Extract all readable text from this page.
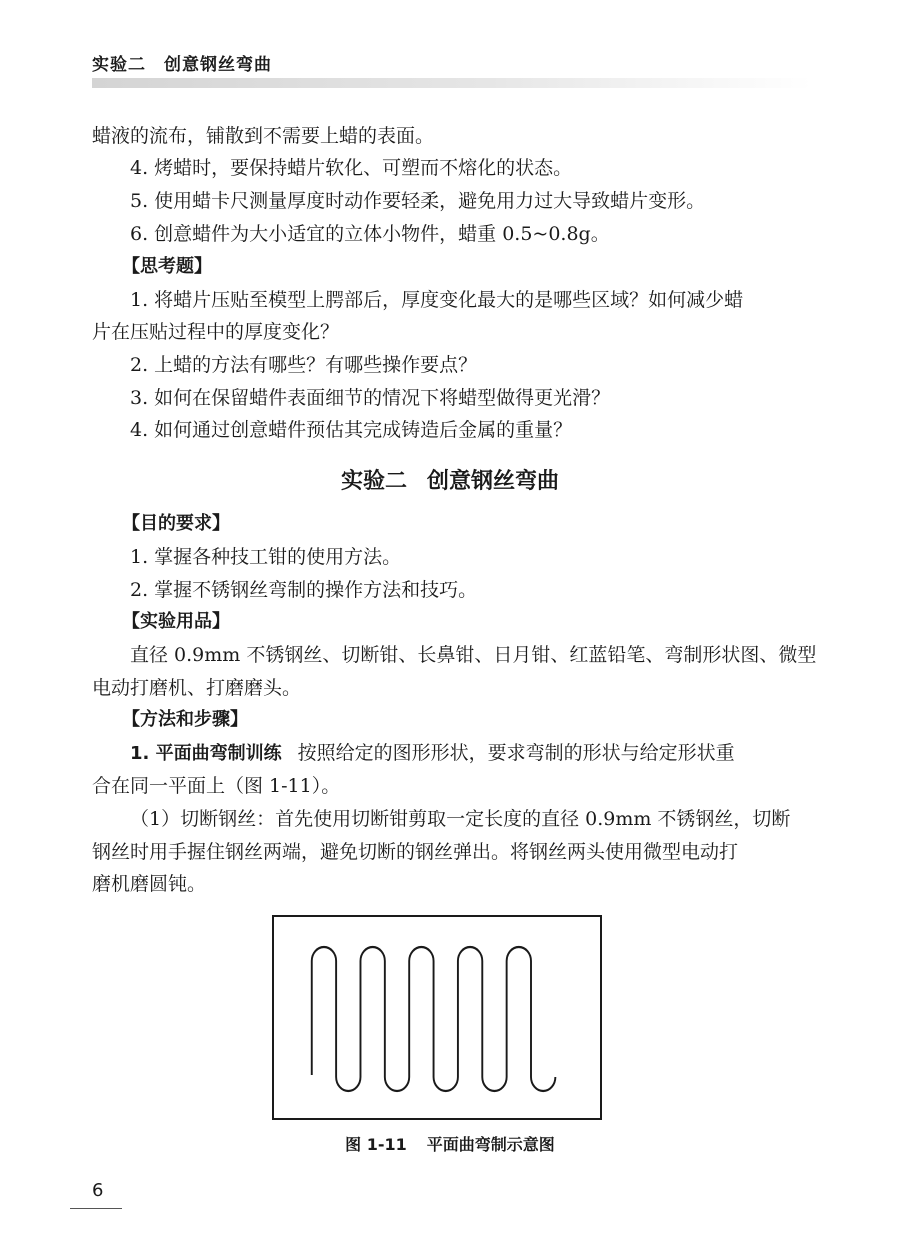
实验二　创意钢丝弯曲

蜡液的流布，铺散到不需要上蜡的表面。

4. 烤蜡时，要保持蜡片软化、可塑而不熔化的状态。

5. 使用蜡卡尺测量厚度时动作要轻柔，避免用力过大导致蜡片变形。

6. 创意蜡件为大小适宜的立体小物件，蜡重 0.5~0.8g。

【思考题】

1. 将蜡片压贴至模型上腭部后，厚度变化最大的是哪些区域？如何减少蜡

片在压贴过程中的厚度变化？

2. 上蜡的方法有哪些？有哪些操作要点？

3. 如何在保留蜡件表面细节的情况下将蜡型做得更光滑？

4. 如何通过创意蜡件预估其完成铸造后金属的重量？

实验二 创意钢丝弯曲

【目的要求】

1. 掌握各种技工钳的使用方法。

2. 掌握不锈钢丝弯制的操作方法和技巧。

【实验用品】

直径 0.9mm 不锈钢丝、切断钳、长鼻钳、日月钳、红蓝铅笔、弯制形状图、微型

电动打磨机、打磨磨头。

【方法和步骤】

1. 平面曲弯制训练 按照给定的图形形状，要求弯制的形状与给定形状重

合在同一平面上（图 1-11）。

（1）切断钢丝：首先使用切断钳剪取一定长度的直径 0.9mm 不锈钢丝，切断

钢丝时用手握住钢丝两端，避免切断的钢丝弹出。将钢丝两头使用微型电动打

磨机磨圆钝。

图 1-11 平面曲弯制示意图
6
